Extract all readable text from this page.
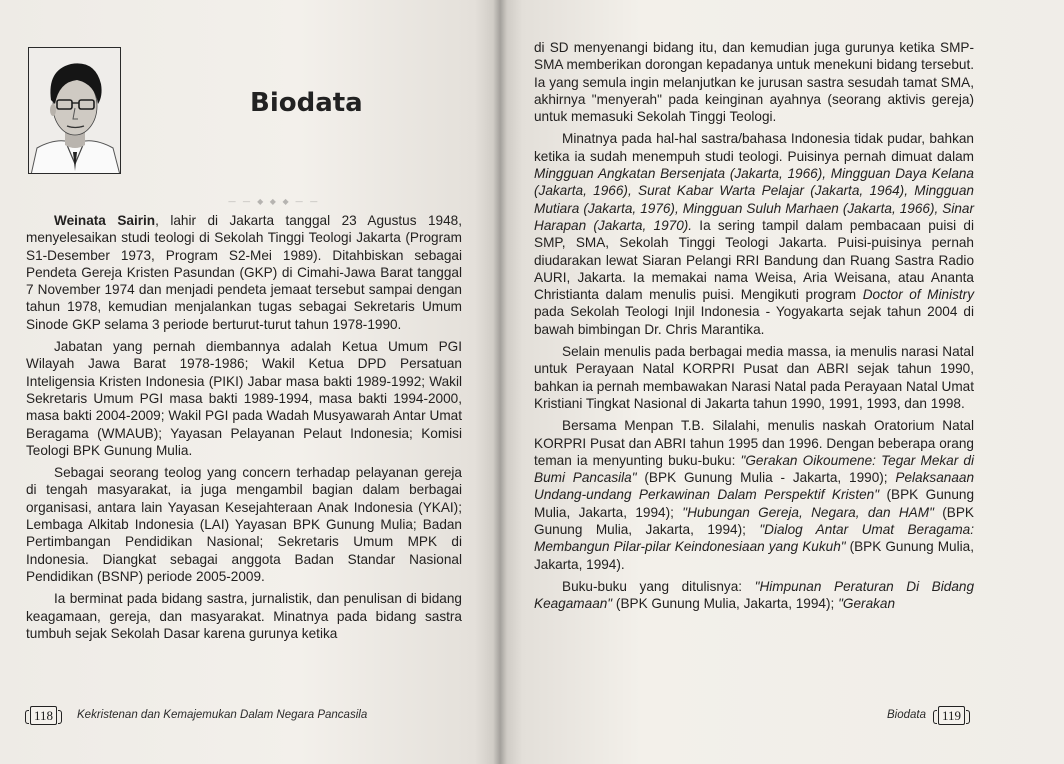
Biodata
— — ◆ ◆ ◆ — —

Weinata Sairin, lahir di Jakarta tanggal 23 Agustus 1948, menyelesaikan studi teologi di Sekolah Tinggi Teologi Jakarta (Program S1-Desember 1973, Program S2-Mei 1989). Ditahbiskan sebagai Pendeta Gereja Kristen Pasundan (GKP) di Cimahi-Jawa Barat tanggal 7 November 1974 dan menjadi pendeta jemaat tersebut sampai dengan tahun 1978, kemudian menjalankan tugas sebagai Sekretaris Umum Sinode GKP selama 3 periode berturut-turut tahun 1978-1990.

Jabatan yang pernah diembannya adalah Ketua Umum PGI Wilayah Jawa Barat 1978-1986; Wakil Ketua DPD Persatuan Inteligensia Kristen Indonesia (PIKI) Jabar masa bakti 1989-1992; Wakil Sekretaris Umum PGI masa bakti 1989-1994, masa bakti 1994-2000, masa bakti 2004-2009; Wakil PGI pada Wadah Musyawarah Antar Umat Beragama (WMAUB); Yayasan Pelayanan Pelaut Indonesia; Komisi Teologi BPK Gunung Mulia.

Sebagai seorang teolog yang concern terhadap pelayanan gereja di tengah masyarakat, ia juga mengambil bagian dalam berbagai organisasi, antara lain Yayasan Kesejahteraan Anak Indonesia (YKAI); Lembaga Alkitab Indonesia (LAI) Yayasan BPK Gunung Mulia; Badan Pertimbangan Pendidikan Nasional; Sekretaris Umum MPK di Indonesia. Diangkat sebagai anggota Badan Standar Nasional Pendidikan (BSNP) periode 2005-2009.

Ia berminat pada bidang sastra, jurnalistik, dan penulisan di bidang keagamaan, gereja, dan masyarakat. Minatnya pada bidang sastra tumbuh sejak Sekolah Dasar karena gurunya ketika

118	Kekristenan dan Kemajemukan Dalam Negara Pancasila

di SD menyenangi bidang itu, dan kemudian juga gurunya ketika SMP-SMA memberikan dorongan kepadanya untuk menekuni bidang tersebut. Ia yang semula ingin melanjutkan ke jurusan sastra sesudah tamat SMA, akhirnya "menyerah" pada keinginan ayahnya (seorang aktivis gereja) untuk memasuki Sekolah Tinggi Teologi.

Minatnya pada hal-hal sastra/bahasa Indonesia tidak pudar, bahkan ketika ia sudah menempuh studi teologi. Puisinya pernah dimuat dalam Mingguan Angkatan Bersenjata (Jakarta, 1966), Mingguan Daya Kelana (Jakarta, 1966), Surat Kabar Warta Pelajar (Jakarta, 1964), Mingguan Mutiara (Jakarta, 1976), Mingguan Suluh Marhaen (Jakarta, 1966), Sinar Harapan (Jakarta, 1970). Ia sering tampil dalam pembacaan puisi di SMP, SMA, Sekolah Tinggi Teologi Jakarta. Puisi-puisinya pernah diudarakan lewat Siaran Pelangi RRI Bandung dan Ruang Sastra Radio AURI, Jakarta. Ia memakai nama Weisa, Aria Weisana, atau Ananta Christianta dalam menulis puisi. Mengikuti program Doctor of Ministry pada Sekolah Teologi Injil Indonesia - Yogyakarta sejak tahun 2004 di bawah bimbingan Dr. Chris Marantika.

Selain menulis pada berbagai media massa, ia menulis narasi Natal untuk Perayaan Natal KORPRI Pusat dan ABRI sejak tahun 1990, bahkan ia pernah membawakan Narasi Natal pada Perayaan Natal Umat Kristiani Tingkat Nasional di Jakarta tahun 1990, 1991, 1993, dan 1998.

Bersama Menpan T.B. Silalahi, menulis naskah Oratorium Natal KORPRI Pusat dan ABRI tahun 1995 dan 1996. Dengan beberapa orang teman ia menyunting buku-buku: "Gerakan Oikoumene: Tegar Mekar di Bumi Pancasila" (BPK Gunung Mulia - Jakarta, 1990); Pelaksanaan Undang-undang Perkawinan Dalam Perspektif Kristen" (BPK Gunung Mulia, Jakarta, 1994); "Hubungan Gereja, Negara, dan HAM" (BPK Gunung Mulia, Jakarta, 1994); "Dialog Antar Umat Beragama: Membangun Pilar-pilar Keindonesiaan yang Kukuh" (BPK Gunung Mulia, Jakarta, 1994).

Buku-buku yang ditulisnya: "Himpunan Peraturan Di Bidang Keagamaan" (BPK Gunung Mulia, Jakarta, 1994); "Gerakan

Biodata	119
